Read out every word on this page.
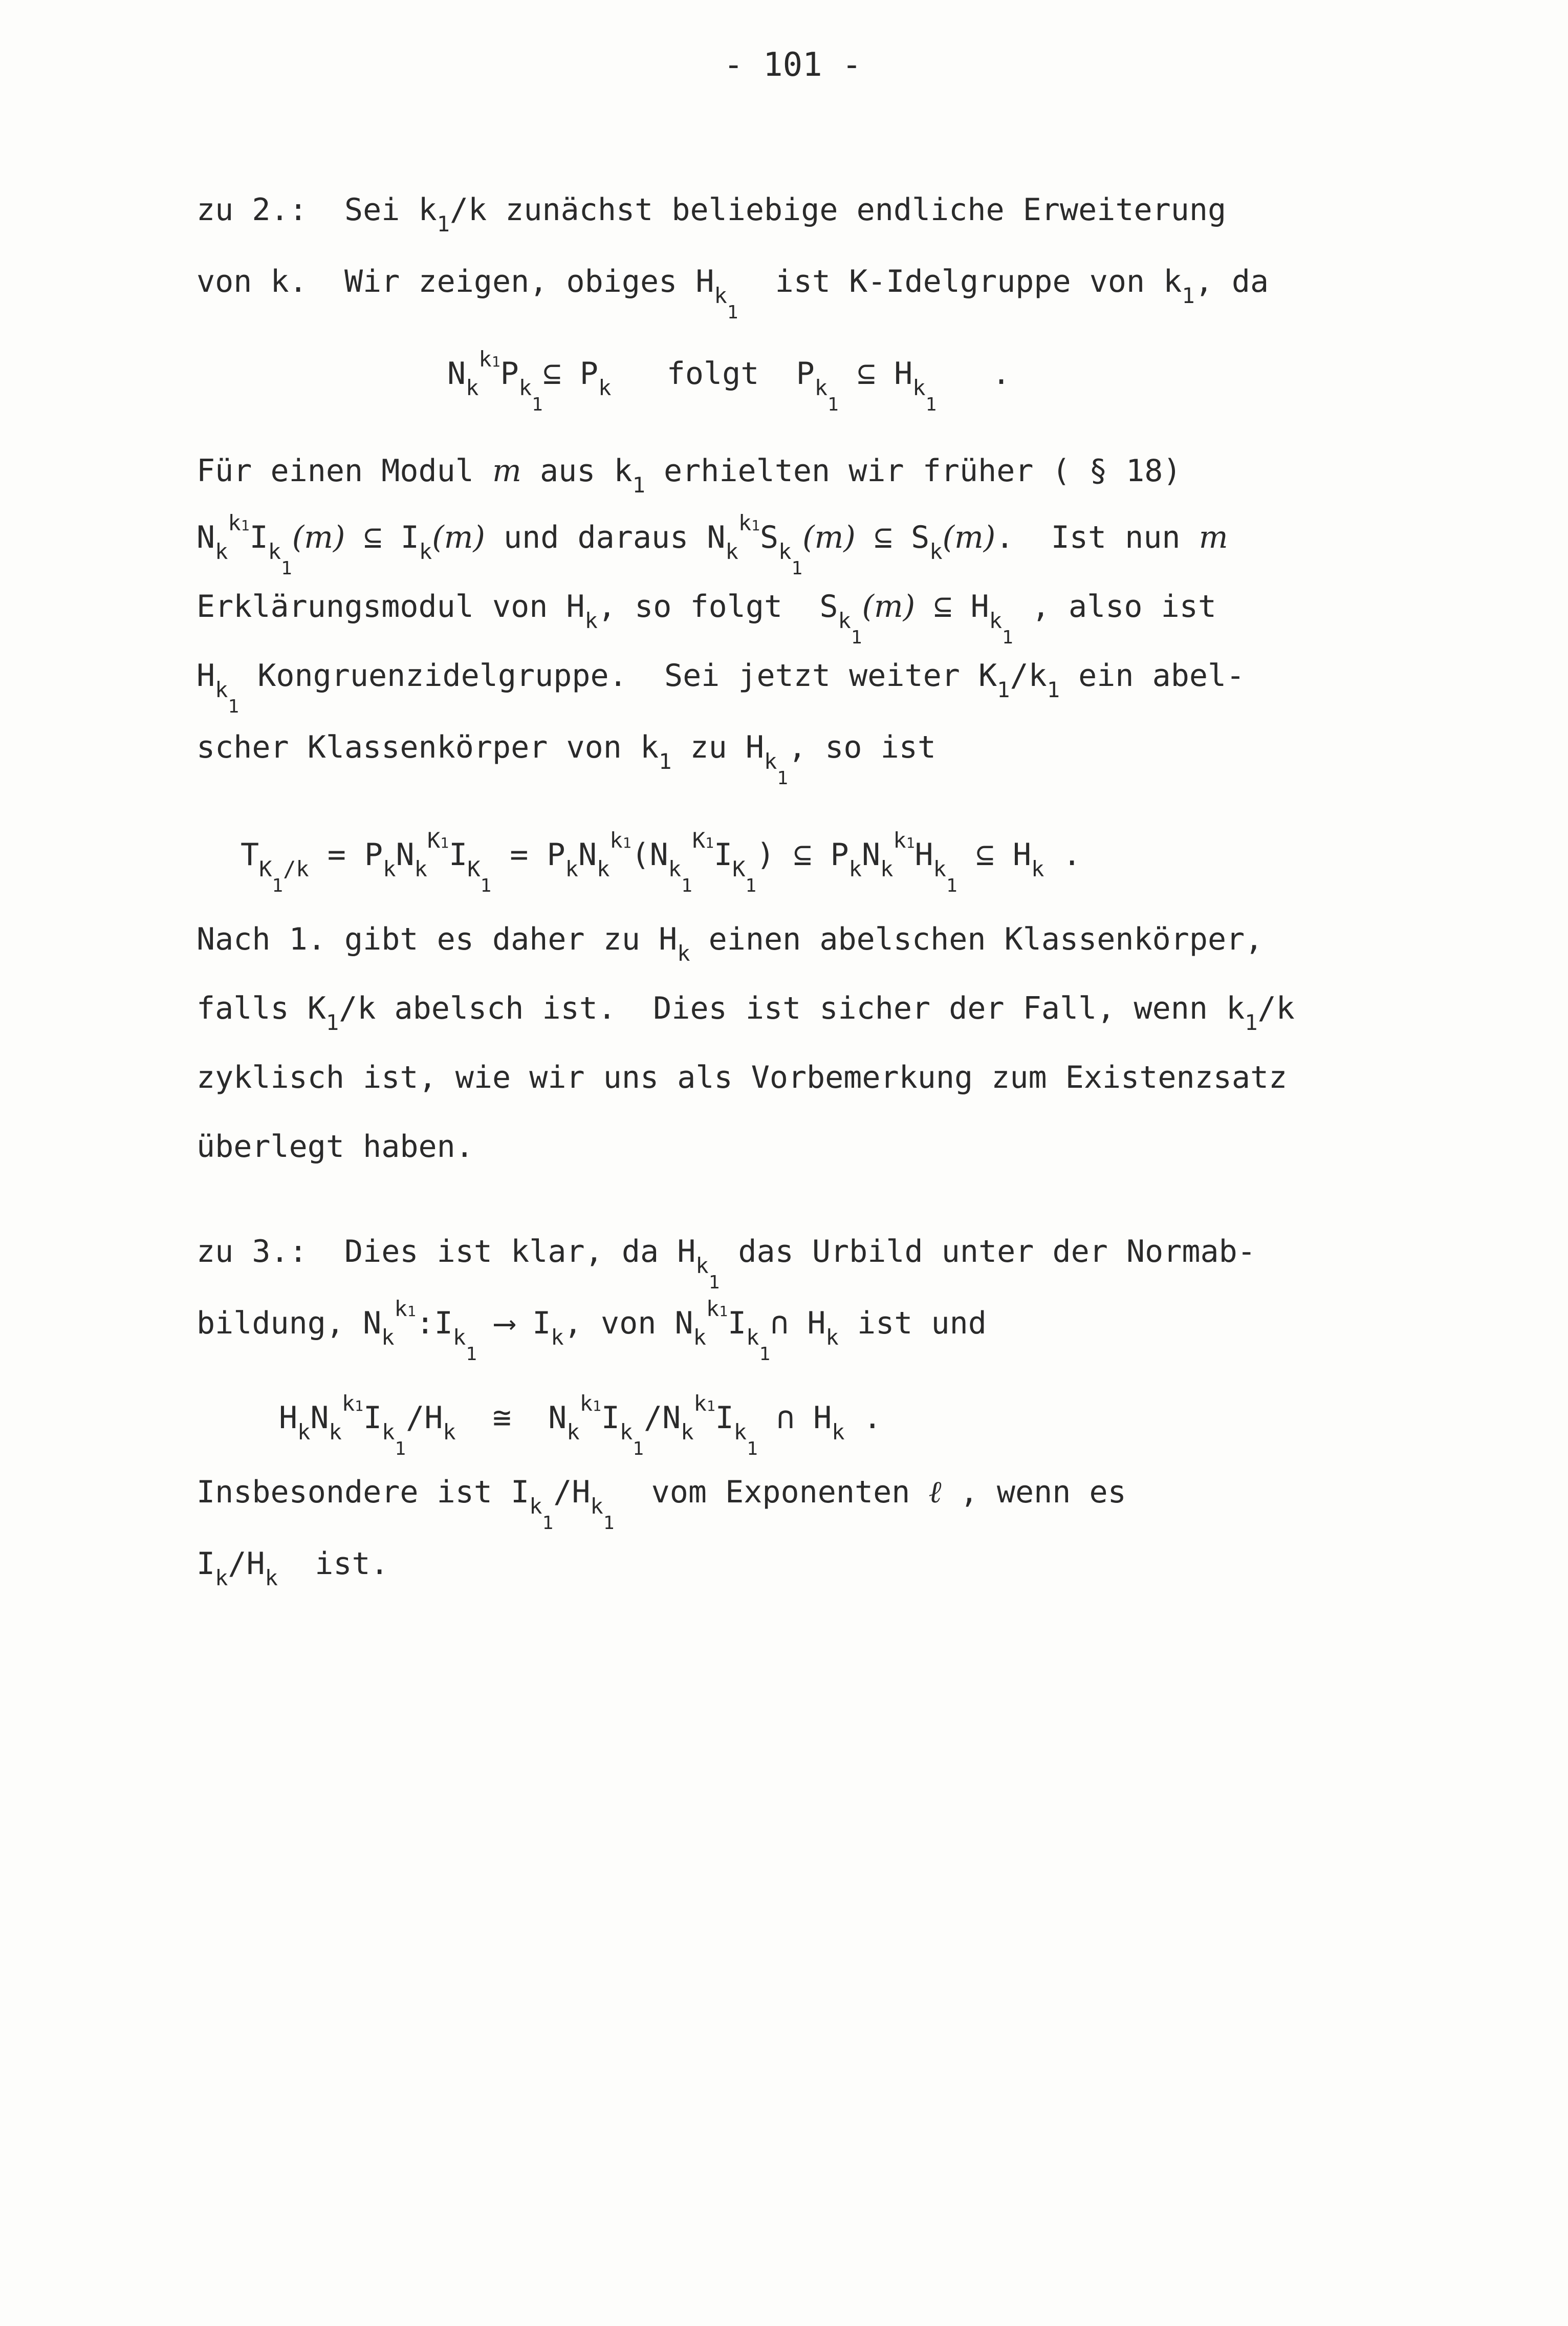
- 101 -
zu 2.:  Sei $k_1/k$ zunächst beliebige endliche Erweiterung
von k.  Wir zeigen, obiges $H_{k1}$  ist K-Idelgruppe von $k_1$, da
$N_k^{k1}P_{k1}⊆$ $P_k$   folgt  $P_{k1}$ ⊆ $H_{k1}$   .
Für einen Modul m aus $k_1$ erhielten wir früher ( § 18)
$N_k^{k1}I_{k1}(m)$ ⊆ $I_k(m)$ und daraus $N_k^{k1}S_{k1}(m)$ ⊆ $S_k(m)$.  Ist nun m
Erklärungsmodul von $H_k$, so folgt  $S_{k1}(m)$ ⊆ $H_{k1}$ , also ist
$H_{k1}$ Kongruenzidelgruppe.  Sei jetzt weiter $K_1/k_1$ ein abel-
scher Klassenkörper von $k_1$ zu $H_{k1}$, so ist
$T_{K1/k} = P_kN_k^{K1}I_{K1} = P_kN_k^{k1}(N_{k1}^{K1}I_{K1})$ ⊆ $P_kN_k^{k1}H_{k1}$ ⊆ $H_k$ .
Nach 1. gibt es daher zu $H_k$ einen abelschen Klassenkörper,
falls $K_1/k$ abelsch ist.  Dies ist sicher der Fall, wenn $k_1/k$
zyklisch ist, wie wir uns als Vorbemerkung zum Existenzsatz
überlegt haben.
zu 3.:  Dies ist klar, da $H_{k1}$ das Urbild unter der Normab-
bildung, $N_k^{k1}:I_{k1}$ ⟶ $I_k$, von $N_k^{k1}I_{k1}\cap$ $H_k$ ist und
$H_kN_k^{k1}I_{k1}/H_k$  ≅  $N_k^{k1}I_{k1}/N_k^{k1}I_{k1}$ ∩ $H_k$ .
Insbesondere ist $I_{k1}/H_{k1}$  vom Exponenten ℓ , wenn es
$I_k/H_k$  ist.
